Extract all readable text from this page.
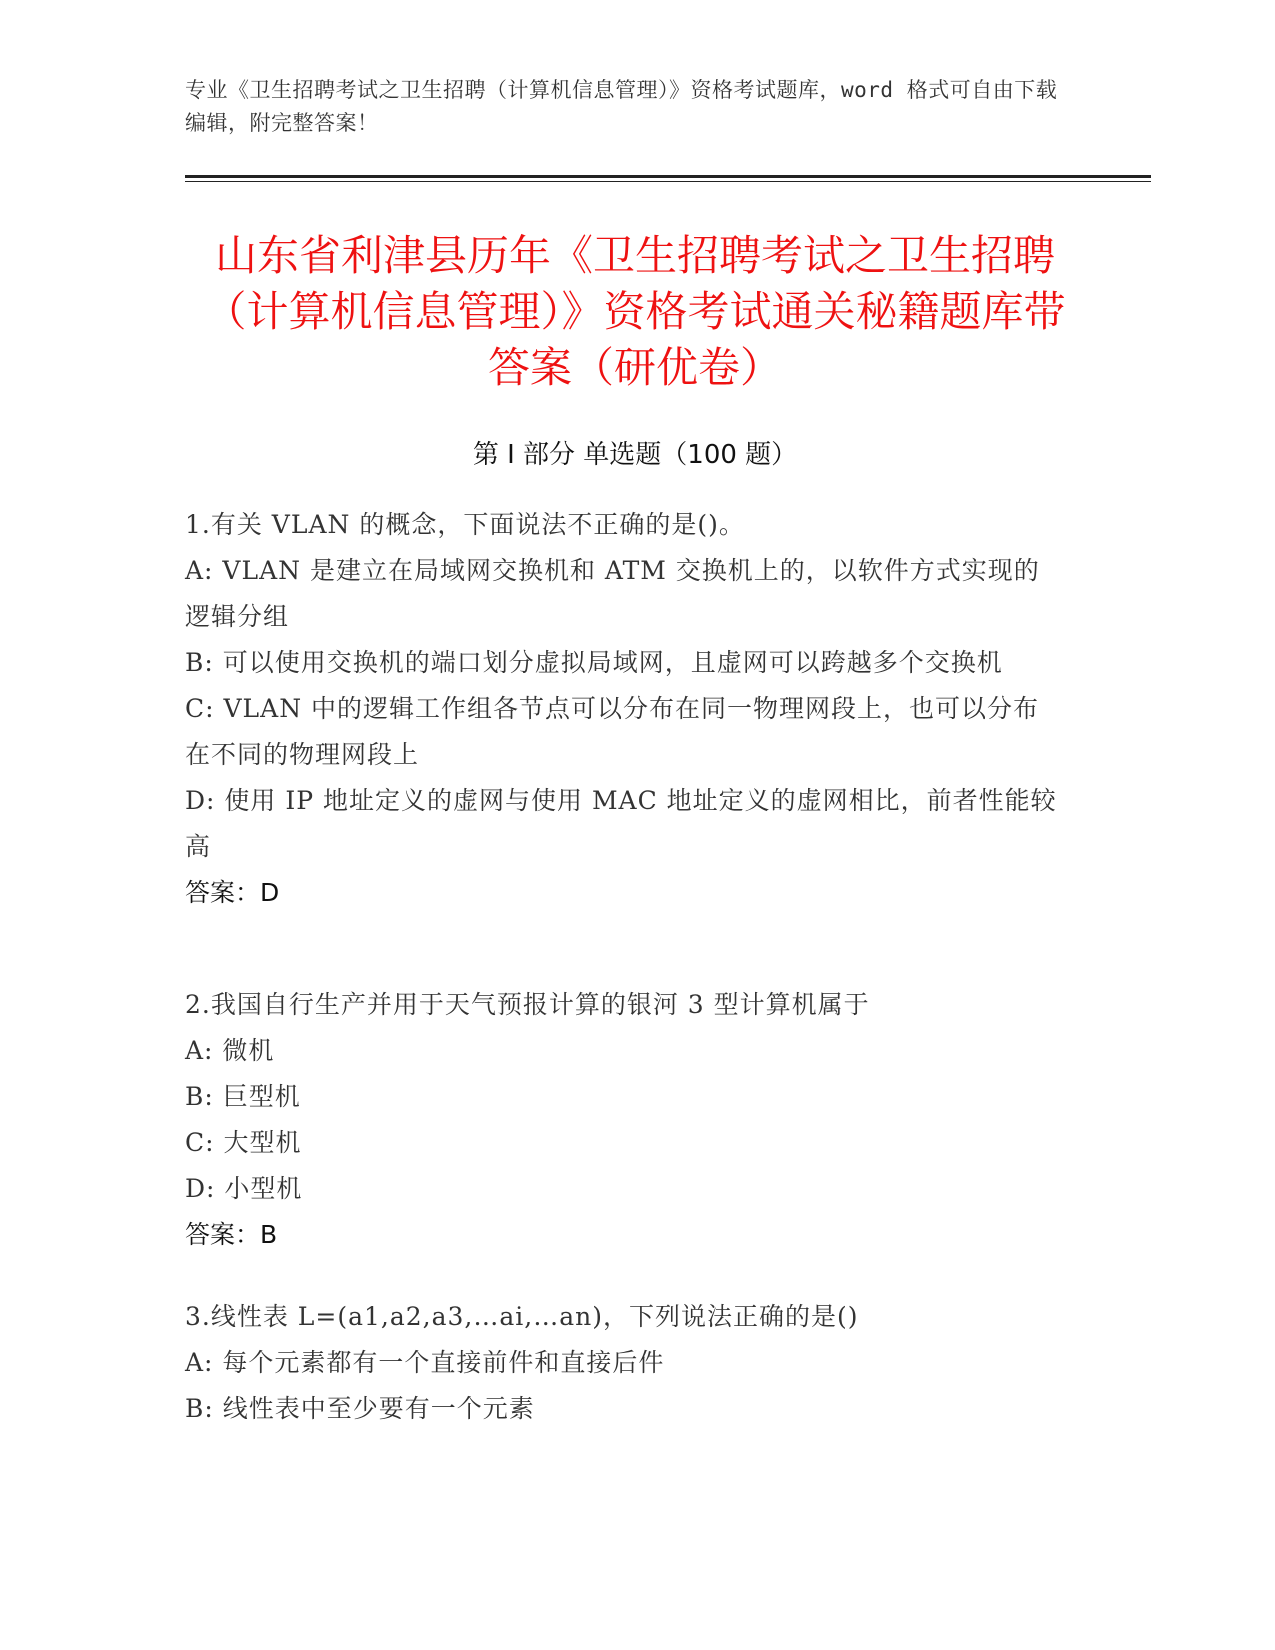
专业《卫生招聘考试之卫生招聘（计算机信息管理）》资格考试题库，word 格式可自由下载编辑，附完整答案！
山东省利津县历年《卫生招聘考试之卫生招聘（计算机信息管理）》资格考试通关秘籍题库带答案（研优卷）
第 I 部分 单选题（100 题）
1.有关 VLAN 的概念，下面说法不正确的是()。
A: VLAN 是建立在局域网交换机和 ATM 交换机上的，以软件方式实现的逻辑分组
B: 可以使用交换机的端口划分虚拟局域网，且虚网可以跨越多个交换机
C: VLAN 中的逻辑工作组各节点可以分布在同一物理网段上，也可以分布在不同的物理网段上
D: 使用 IP 地址定义的虚网与使用 MAC 地址定义的虚网相比，前者性能较高
答案：D
2.我国自行生产并用于天气预报计算的银河 3 型计算机属于
A: 微机
B: 巨型机
C: 大型机
D: 小型机
答案：B
3.线性表 L=(a1,a2,a3,…ai,…an)，下列说法正确的是()
A: 每个元素都有一个直接前件和直接后件
B: 线性表中至少要有一个元素
